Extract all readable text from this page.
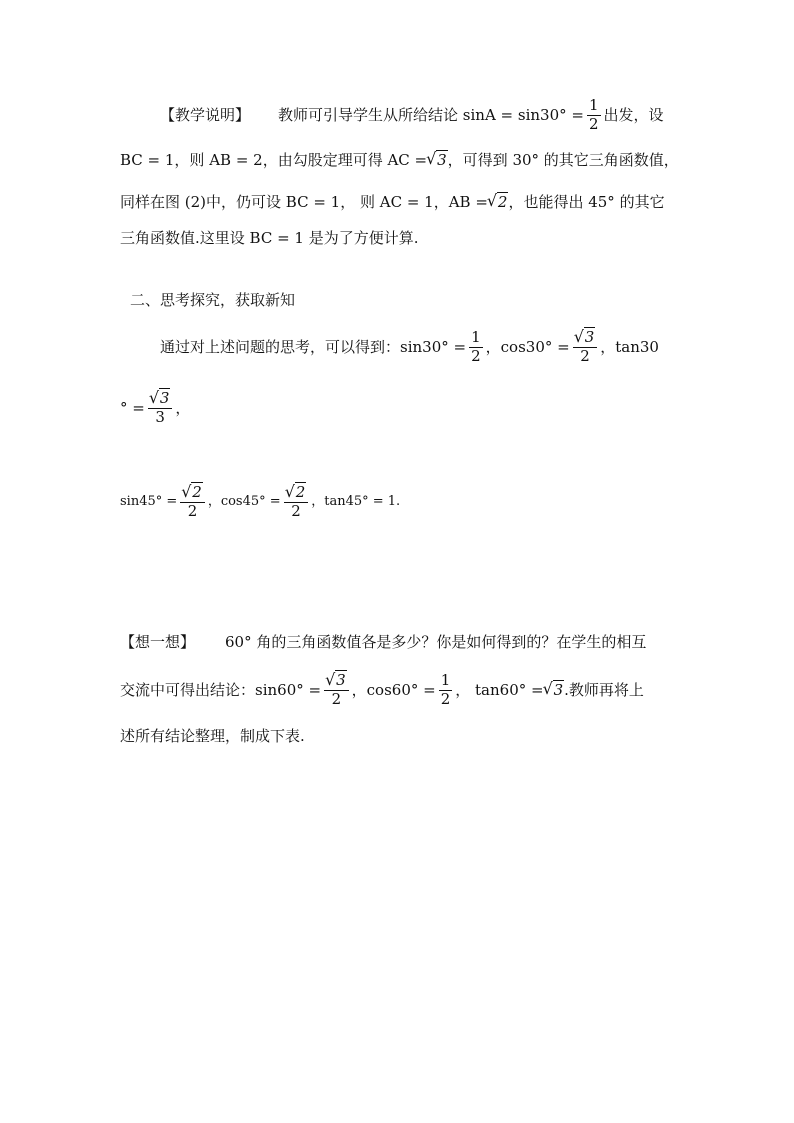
【教学说明】 教师可引导学生从所给结论 $\sin A = \sin 30^\circ = \frac{1}{2}$ 出发，设
BC = 1，则 AB = 2，由勾股定理可得 AC = √ 3 ，可得到 30° 的其它三角函数值，
同样在图 (2)中，仍可设 BC = 1， 则 AC = 1，AB = √ 2 ，也能得出 45° 的其它
三角函数值.这里设 BC = 1 是为了方便计算.
二、思考探究，获取新知
通过对上述问题的思考，可以得到：$\sin 30^\circ = \frac{1}{2}$ ，cos30° = √ $\frac{3}{2}$ ，tan30
° = √ $\frac{3}{3}$ ，
sin45° = √ $\frac{2}{2}$ ，cos45° = √ $\frac{2}{2}$ ，tan45° = 1.
【想一想】 60° 角的三角函数值各是多少？你是如何得到的？在学生的相互
交流中可得出结论：sin60° = √ $\frac{3}{2}$ ，$\cos 60^\circ = \frac{1}{2}$ ， tan60° = √ 3 .教师再将上
述所有结论整理，制成下表.
